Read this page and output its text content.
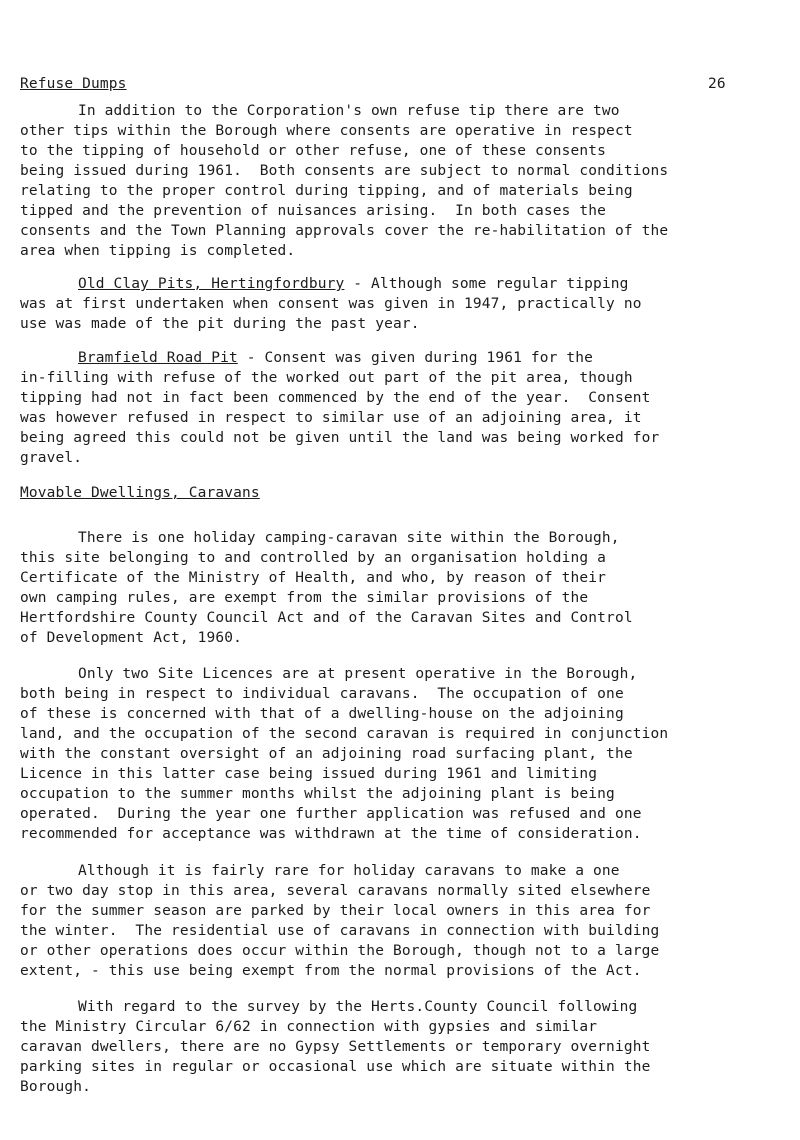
Refuse Dumps	26
In addition to the Corporation's own refuse tip there are two
other tips within the Borough where consents are operative in respect
to the tipping of household or other refuse, one of these consents
being issued during 1961.  Both consents are subject to normal conditions
relating to the proper control during tipping, and of materials being
tipped and the prevention of nuisances arising.  In both cases the
consents and the Town Planning approvals cover the re-habilitation of the
area when tipping is completed.
Old Clay Pits, Hertingfordbury - Although some regular tipping
was at first undertaken when consent was given in 1947, practically no
use was made of the pit during the past year.
Bramfield Road Pit - Consent was given during 1961 for the
in-filling with refuse of the worked out part of the pit area, though
tipping had not in fact been commenced by the end of the year.  Consent
was however refused in respect to similar use of an adjoining area, it
being agreed this could not be given until the land was being worked for
gravel.
Movable Dwellings, Caravans
There is one holiday camping-caravan site within the Borough,
this site belonging to and controlled by an organisation holding a
Certificate of the Ministry of Health, and who, by reason of their
own camping rules, are exempt from the similar provisions of the
Hertfordshire County Council Act and of the Caravan Sites and Control
of Development Act, 1960.
Only two Site Licences are at present operative in the Borough,
both being in respect to individual caravans.  The occupation of one
of these is concerned with that of a dwelling-house on the adjoining
land, and the occupation of the second caravan is required in conjunction
with the constant oversight of an adjoining road surfacing plant, the
Licence in this latter case being issued during 1961 and limiting
occupation to the summer months whilst the adjoining plant is being
operated.  During the year one further application was refused and one
recommended for acceptance was withdrawn at the time of consideration.
Although it is fairly rare for holiday caravans to make a one
or two day stop in this area, several caravans normally sited elsewhere
for the summer season are parked by their local owners in this area for
the winter.  The residential use of caravans in connection with building
or other operations does occur within the Borough, though not to a large
extent, - this use being exempt from the normal provisions of the Act.
With regard to the survey by the Herts.County Council following
the Ministry Circular 6/62 in connection with gypsies and similar
caravan dwellers, there are no Gypsy Settlements or temporary overnight
parking sites in regular or occasional use which are situate within the
Borough.
